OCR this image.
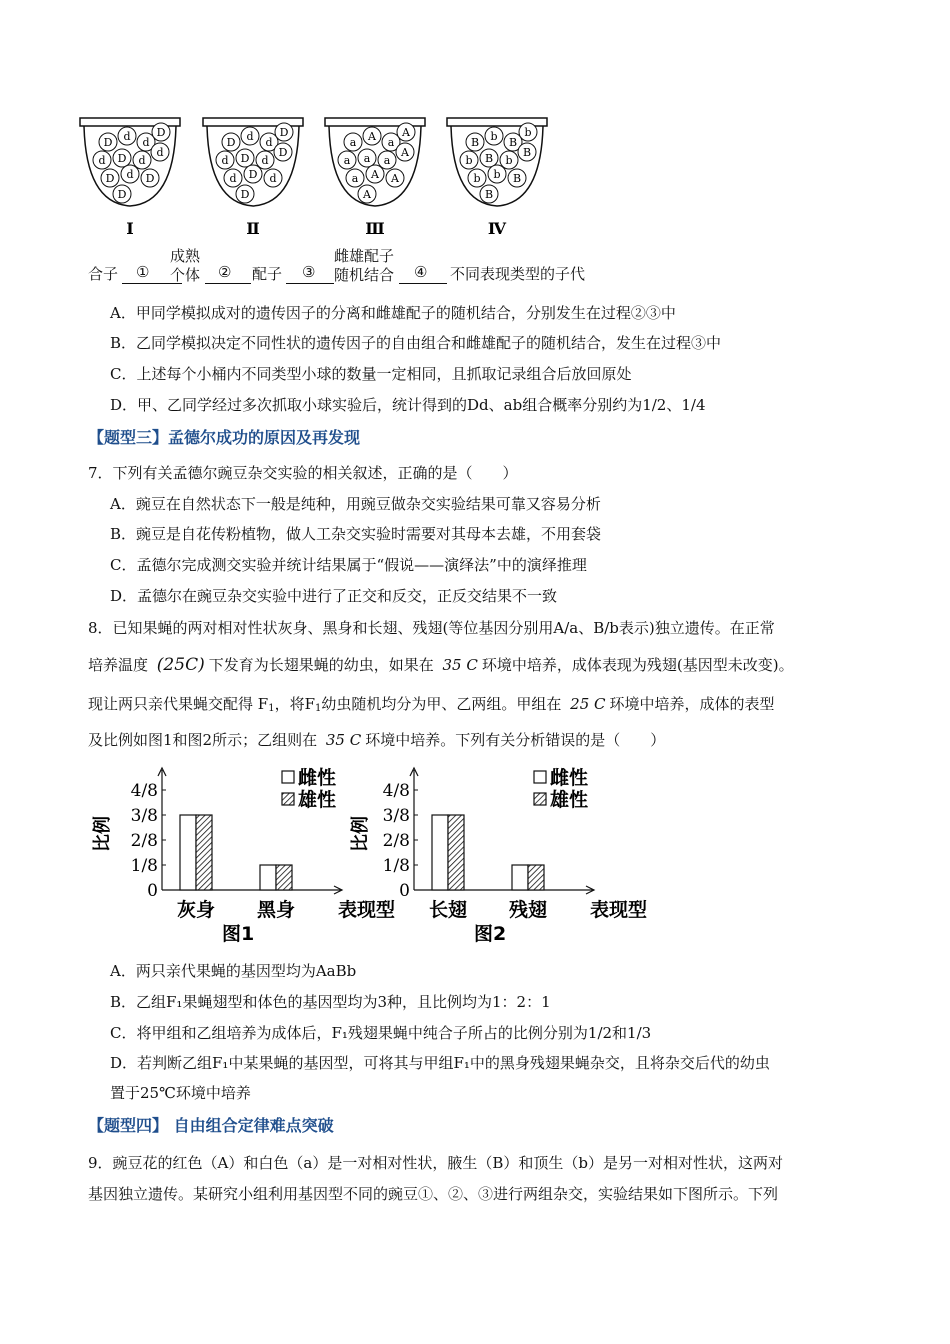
D d d
D
d D d
d
D d D
D
Ⅰ
D d d
D
d D d
D
d D d
D
Ⅱ
a A a
A
a a a
A
a A A
A
Ⅲ
B b B
b
b B b
B
b b B
B
Ⅳ
合子 ①
成熟
个体 ② 配子 ③
雌雄配子
随机结合 ④ 不同表现类型的子代
A．甲同学模拟成对的遗传因子的分离和雌雄配子的随机结合，分别发生在过程②③中
B．乙同学模拟决定不同性状的遗传因子的自由组合和雌雄配子的随机结合，发生在过程③中
C．上述每个小桶内不同类型小球的数量一定相同，且抓取记录组合后放回原处
D．甲、乙同学经过多次抓取小球实验后，统计得到的Dd、ab组合概率分别约为1/2、1/4
【题型三】孟德尔成功的原因及再发现
7．下列有关孟德尔豌豆杂交实验的相关叙述，正确的是（　　）
A．豌豆在自然状态下一般是纯种，用豌豆做杂交实验结果可靠又容易分析
B．豌豆是自花传粉植物，做人工杂交实验时需要对其母本去雄，不用套袋
C．孟德尔完成测交实验并统计结果属于“假说——演绎法”中的演绎推理
D．孟德尔在豌豆杂交实验中进行了正交和反交，正反交结果不一致
8．已知果蝇的两对相对性状灰身、黑身和长翅、残翅(等位基因分别用A/a、B/b表示)独立遗传。在正常
培养温度 (25C) 下发育为长翅果蝇的幼虫，如果在 35 C 环境中培养，成体表现为残翅(基因型未改变)。
现让两只亲代果蝇交配得 $F_1$，将$F_1$幼虫随机均分为甲、乙两组。甲组在 25 C 环境中培养，成体的表型
及比例如图1和图2所示；乙组则在 35 C 环境中培养。下列有关分析错误的是（　　）
0
1/8
2/8
3/8
4/8
比例
灰身 黑身 表现型
雌性
雄性
图1
0
1/8
2/8
3/8
4/8
比例
长翅 残翅 表现型
雌性
雄性
图2
A．两只亲代果蝇的基因型均为AaBb
B．乙组F₁果蝇翅型和体色的基因型均为3种，且比例均为1：2：1
C．将甲组和乙组培养为成体后，F₁残翅果蝇中纯合子所占的比例分别为1/2和1/3
D．若判断乙组F₁中某果蝇的基因型，可将其与甲组F₁中的黑身残翅果蝇杂交，且将杂交后代的幼虫
置于25℃环境中培养
【题型四】 自由组合定律难点突破
9．豌豆花的红色（A）和白色（a）是一对相对性状，腋生（B）和顶生（b）是另一对相对性状，这两对
基因独立遗传。某研究小组利用基因型不同的豌豆①、②、③进行两组杂交，实验结果如下图所示。下列
